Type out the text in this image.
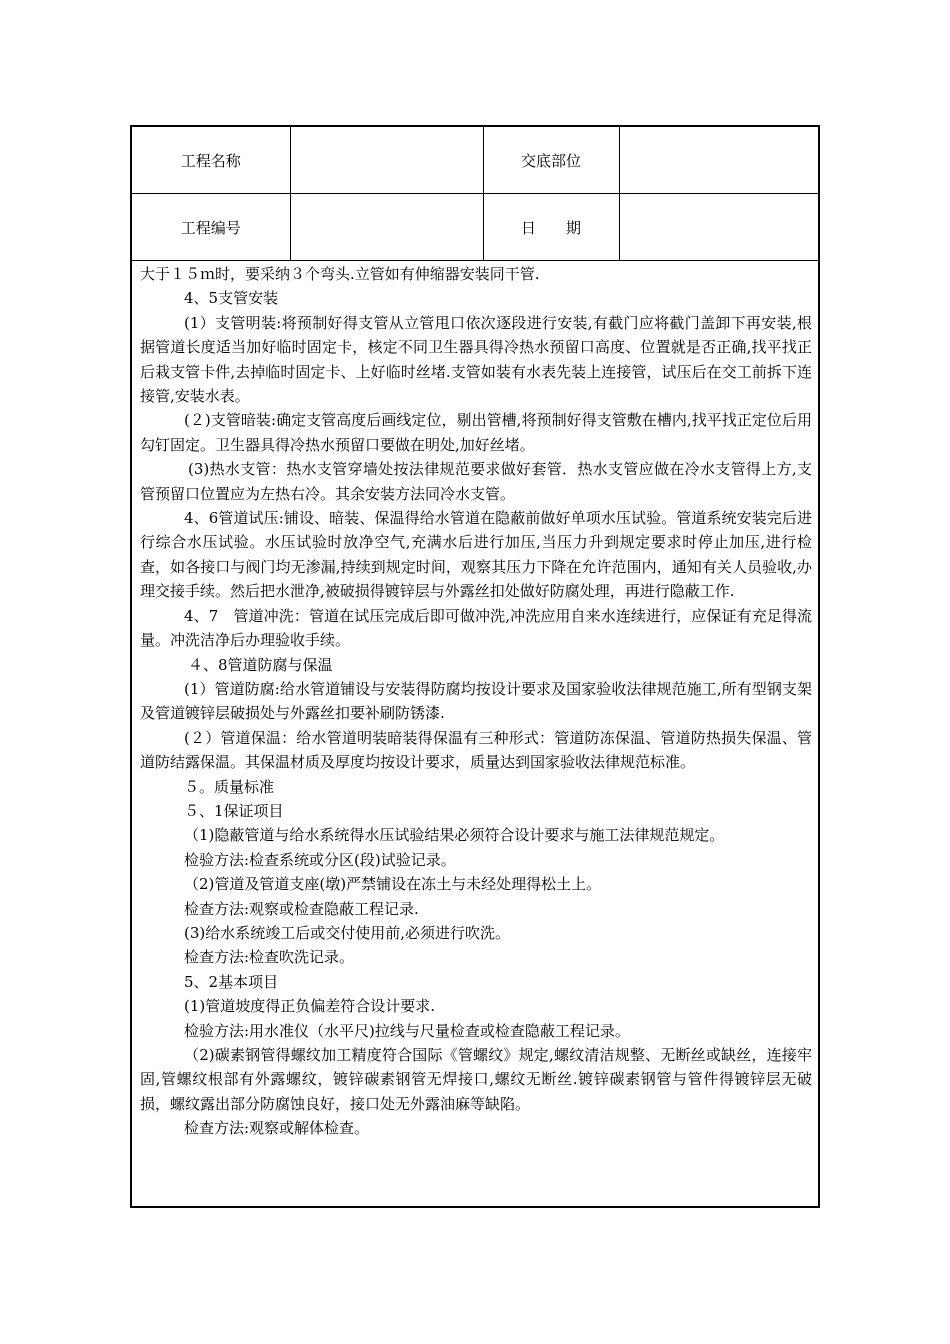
工程名称		交底部位	
工程编号		日　　期	

大于１５ｍ时，要采纳３个弯头.立管如有伸缩器安装同干管.

4、5支管安装

(1）支管明装:将预制好得支管从立管甩口依次逐段进行安装,有截门应将截门盖卸下再安装,根据管道长度适当加好临时固定卡，核定不同卫生器具得冷热水预留口高度、位置就是否正确,找平找正后栽支管卡件,去掉临时固定卡、上好临时丝堵.支管如装有水表先装上连接管，试压后在交工前拆下连接管,安装水表。

(２)支管暗装:确定支管高度后画线定位，剔出管槽,将预制好得支管敷在槽内,找平找正定位后用勾钉固定。卫生器具得冷热水预留口要做在明处,加好丝堵。

(3)热水支管：热水支管穿墙处按法律规范要求做好套管．热水支管应做在冷水支管得上方,支管预留口位置应为左热右冷。其余安装方法同冷水支管。

4、6管道试压:铺设、暗装、保温得给水管道在隐蔽前做好单项水压试验。管道系统安装完后进行综合水压试验。水压试验时放净空气,充满水后进行加压,当压力升到规定要求时停止加压,进行检查，如各接口与阀门均无渗漏,持续到规定时间，观察其压力下降在允许范围内，通知有关人员验收,办理交接手续。然后把水泄净,被破损得镀锌层与外露丝扣处做好防腐处理，再进行隐蔽工作.

4、7　管道冲洗：管道在试压完成后即可做冲洗,冲洗应用自来水连续进行，应保证有充足得流量。冲洗洁净后办理验收手续。

４、8管道防腐与保温

(1）管道防腐:给水管道铺设与安装得防腐均按设计要求及国家验收法律规范施工,所有型钢支架及管道镀锌层破损处与外露丝扣要补刷防锈漆.

(２）管道保温：给水管道明装暗装得保温有三种形式：管道防冻保温、管道防热损失保温、管道防结露保温。其保温材质及厚度均按设计要求，质量达到国家验收法律规范标准。

５。质量标准

５、1保证项目

（1)隐蔽管道与给水系统得水压试验结果必须符合设计要求与施工法律规范规定。

检验方法:检查系统或分区(段)试验记录。

（2)管道及管道支座(墩)严禁铺设在冻土与未经处理得松土上。

检查方法:观察或检查隐蔽工程记录.

(3)给水系统竣工后或交付使用前,必须进行吹洗。

检查方法:检查吹洗记录。

5、2基本项目

(1)管道坡度得正负偏差符合设计要求.

检验方法:用水准仪（水平尺)拉线与尺量检查或检查隐蔽工程记录。

（2)碳素钢管得螺纹加工精度符合国际《管螺纹》规定,螺纹清洁规整、无断丝或缺丝，连接牢固,管螺纹根部有外露螺纹，镀锌碳素钢管无焊接口,螺纹无断丝.镀锌碳素钢管与管件得镀锌层无破损，螺纹露出部分防腐蚀良好，接口处无外露油麻等缺陷。

检查方法:观察或解体检查。
